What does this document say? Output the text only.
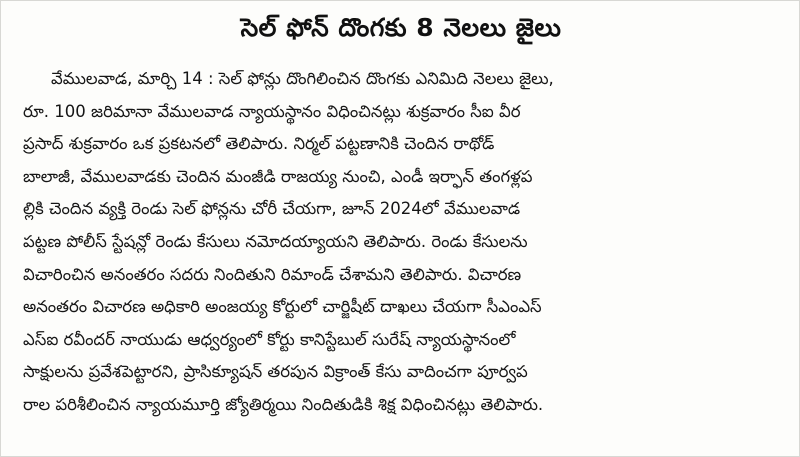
సెల్ ఫోన్ దొంగకు 8 నెలలు జైలు
వేములవాడ, మార్చి 14 : సెల్ ఫోన్లు దొంగిలించిన దొంగకు ఎనిమిది నెలలు జైలు,
రూ. 100 జరిమానా వేములవాడ న్యాయస్థానం విధించినట్లు శుక్రవారం సీఐ వీర
ప్రసాద్ శుక్రవారం ఒక ప్రకటనలో తెలిపారు. నిర్మల్ పట్టణానికి చెందిన రాథోడ్
బాలాజీ, వేములవాడకు చెందిన మంజీడి రాజయ్య నుంచి, ఎండీ ఇర్ఫాన్ తంగళ్లప
ల్లికి చెందిన వ్యక్తి రెండు సెల్ ఫోన్లను చోరీ చేయగా, జూన్ 2024లో వేములవాడ
పట్టణ పోలీస్ స్టేషన్లో రెండు కేసులు నమోదయ్యాయని తెలిపారు. రెండు కేసులను
విచారించిన అనంతరం సదరు నిందితుని రిమాండ్ చేశామని తెలిపారు. విచారణ
అనంతరం విచారణ అధికారి అంజయ్య కోర్టులో చార్జిషీట్ దాఖలు చేయగా సీఎంఎస్
ఎస్ఐ రవీందర్ నాయుడు ఆధ్వర్యంలో కోర్టు కానిస్టేబుల్ సురేష్ న్యాయస్థానంలో
సాక్షులను ప్రవేశపెట్టారని, ప్రాసిక్యూషన్ తరపున విక్రాంత్ కేసు వాదించగా పూర్వప
రాల పరిశీలించిన న్యాయమూర్తి జ్యోతిర్మయి నిందితుడికి శిక్ష విధించినట్లు తెలిపారు.
